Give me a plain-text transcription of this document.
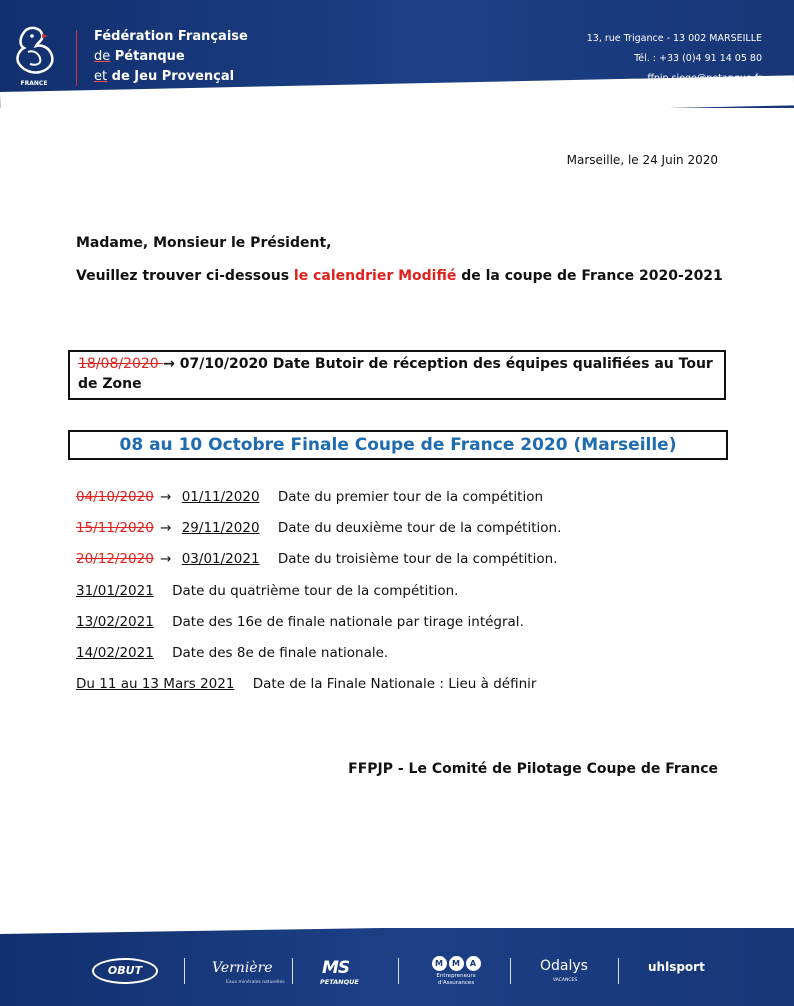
FRANCE
Fédération Française
de Pétanque
et de Jeu Provençal
13, rue Trigance - 13 002 MARSEILLE
Tél. : +33 (0)4 91 14 05 80
ffpjp.siege@petanque.fr
Marseille, le 24 Juin 2020
Madame, Monsieur le Président,
Veuillez trouver ci-dessous le calendrier Modifié de la coupe de France 2020-2021
18/08/2020 → 07/10/2020 Date Butoir de réception des équipes qualifiées au Tour de Zone
08 au 10 Octobre Finale Coupe de France 2020 (Marseille)
04/10/2020 → 01/11/2020 Date du premier tour de la compétition
15/11/2020 → 29/11/2020 Date du deuxième tour de la compétition.
20/12/2020 → 03/01/2021 Date du troisième tour de la compétition.
31/01/2021 Date du quatrième tour de la compétition.
13/02/2021 Date des 16e de finale nationale par tirage intégral.
14/02/2021 Date des 8e de finale nationale.
Du 11 au 13 Mars 2021 Date de la Finale Nationale : Lieu à définir
FFPJP - Le Comité de Pilotage Coupe de France
OBUT	Vernière
Eaux minérales naturelles
MS
PETANQUE
M	M	A
Entrepreneurs
d'Assurances
Odalys
VACANCES
uhlsport
